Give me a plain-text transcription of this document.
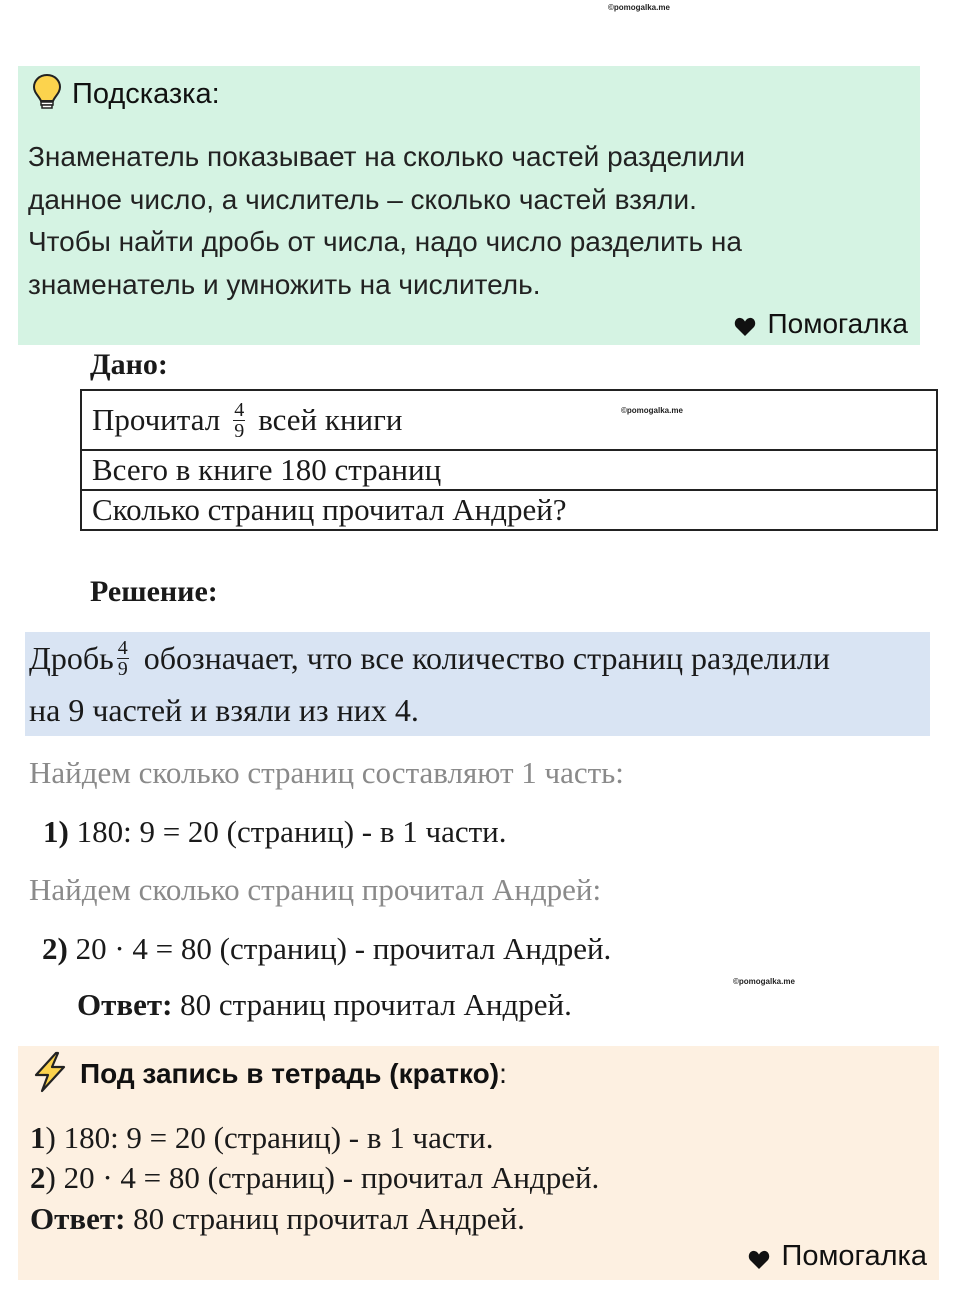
©pomogalka.me
©pomogalka.me
©pomogalka.me
Подсказка:
Знаменатель показывает на сколько частей разделили
данное число, а числитель – сколько частей взяли.
Чтобы найти дробь от числа, надо число разделить на
знаменатель и умножить на числитель.
Помогалка
Дано:
Прочитал $\frac{4}{9}$ всей книги
Всего в книге 180 страниц
Сколько страниц прочитал Андрей?
Решение:
Дробь $\frac{4}{9}$ обозначает, что все количество страниц разделили
на 9 частей и взяли из них 4.
Найдем сколько страниц составляют 1 часть:
1) 180: 9 = 20 (страниц) - в 1 части.
Найдем сколько страниц прочитал Андрей:
2) 20 · 4 = 80 (страниц) - прочитал Андрей.
Ответ: 80 страниц прочитал Андрей.
Под запись в тетрадь (кратко):
1) 180: 9 = 20 (страниц) - в 1 части.
2) 20 · 4 = 80 (страниц) - прочитал Андрей.
Ответ: 80 страниц прочитал Андрей.
Помогалка
